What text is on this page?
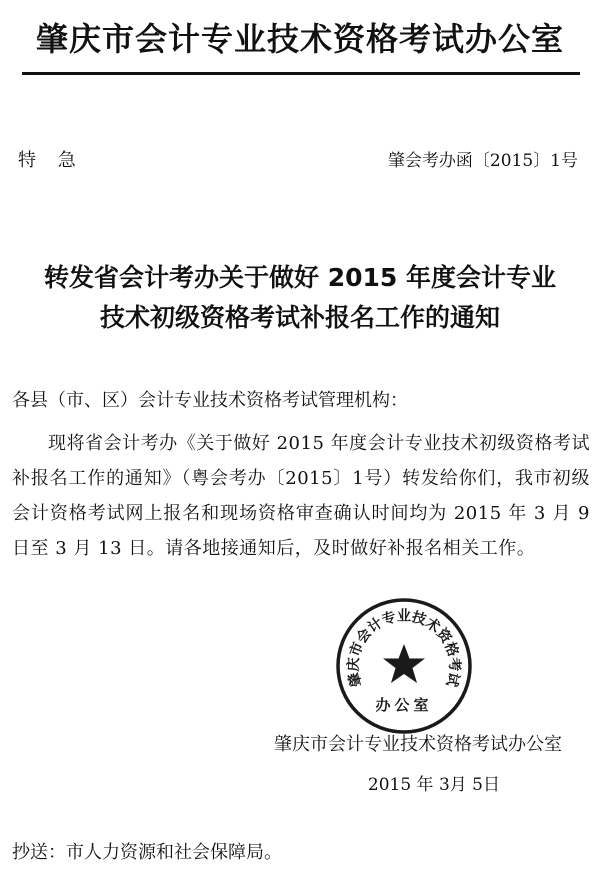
肇庆市会计专业技术资格考试办公室
特 急	肇会考办函〔2015〕1号
转发省会计考办关于做好 2015 年度会计专业
技术初级资格考试补报名工作的通知
各县（市、区）会计专业技术资格考试管理机构：
现将省会计考办《关于做好 2015 年度会计专业技术初级资格考试补报名工作的通知》（粤会考办〔2015〕1号）转发给你们，我市初级会计资格考试网上报名和现场资格审查确认时间均为 2015 年 3 月 9 日至 3 月 13 日。请各地接通知后，及时做好补报名相关工作。
肇庆市会计专业技术资格考试
办公室
肇庆市会计专业技术资格考试办公室
2015 年 3月 5日
抄送：市人力资源和社会保障局。
